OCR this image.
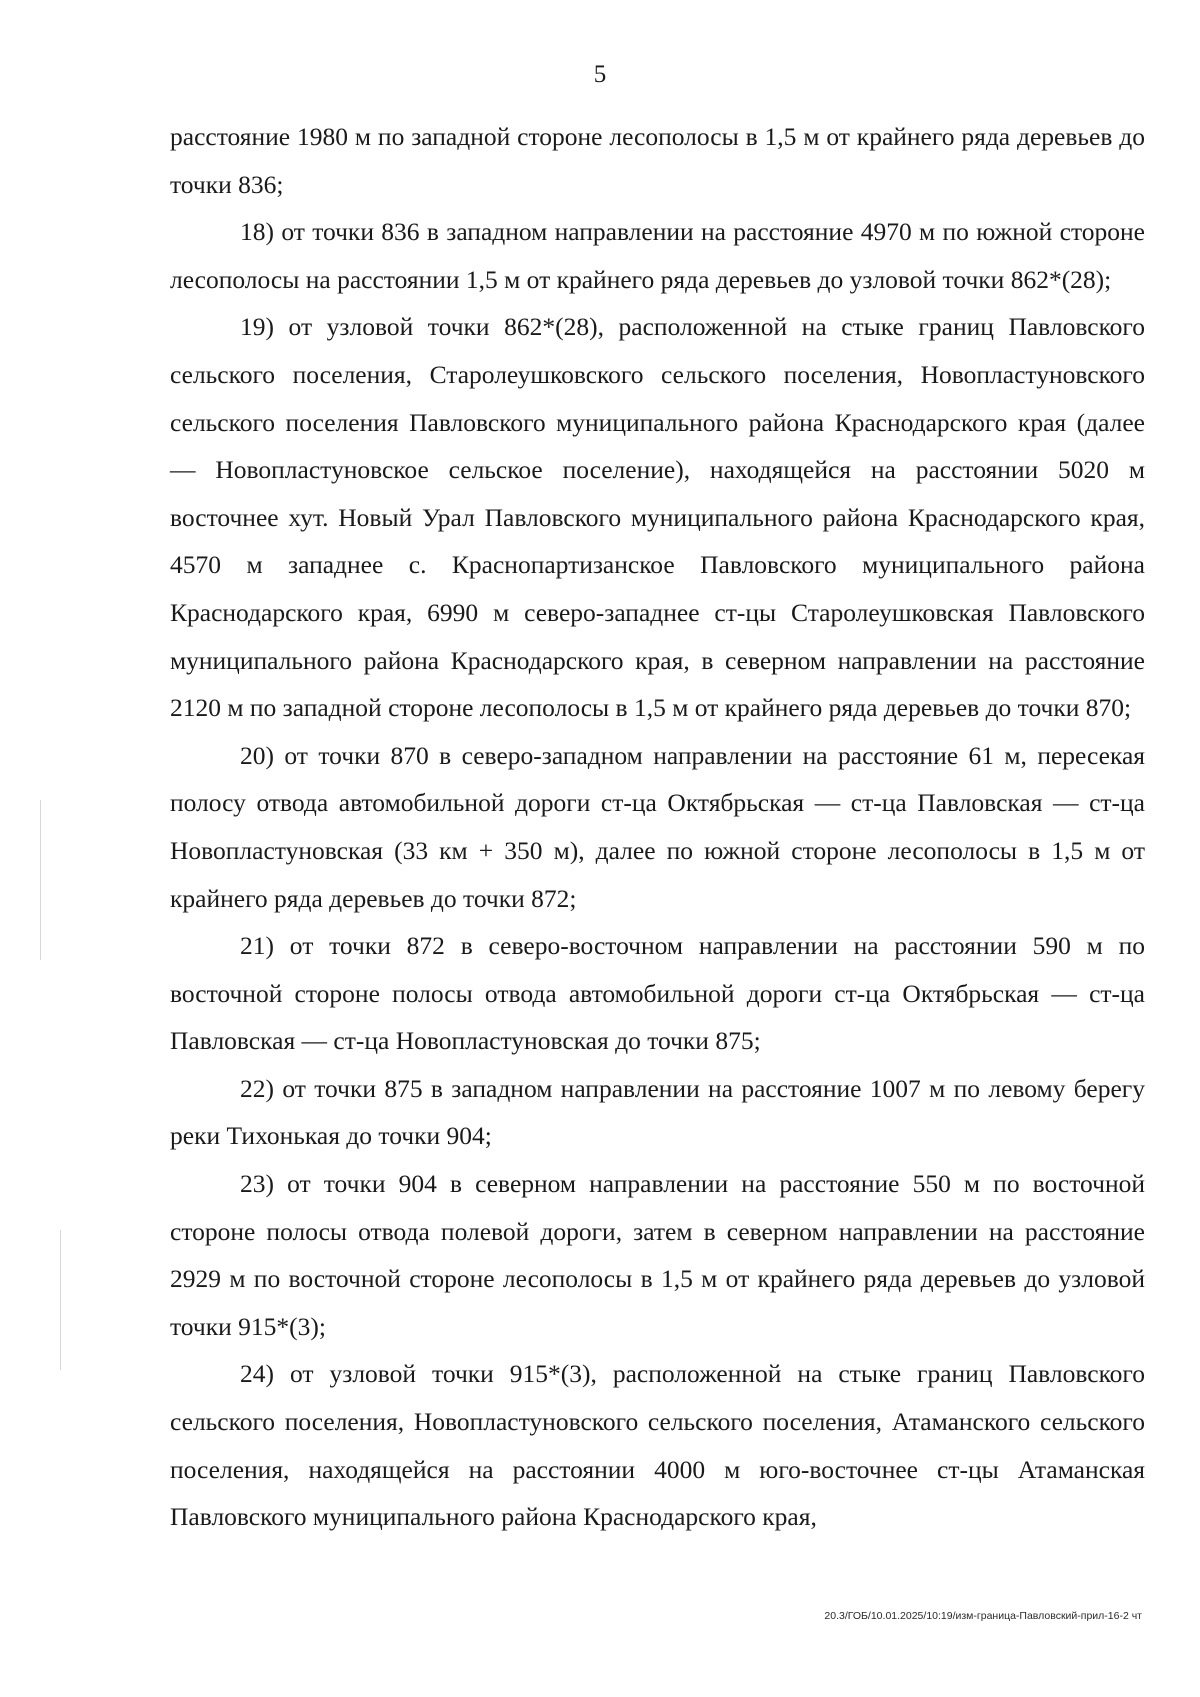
5

расстояние 1980 м по западной стороне лесополосы в 1,5 м от крайнего ряда деревьев до точки 836;

18) от точки 836 в западном направлении на расстояние 4970 м по южной стороне лесополосы на расстоянии 1,5 м от крайнего ряда деревьев до узловой точки 862*(28);

19) от узловой точки 862*(28), расположенной на стыке границ Павловского сельского поселения, Старолеушковского сельского поселения, Новопластуновского сельского поселения Павловского муниципального района Краснодарского края (далее — Новопластуновское сельское поселение), находящейся на расстоянии 5020 м восточнее хут. Новый Урал Павловского муниципального района Краснодарского края, 4570 м западнее с. Краснопартизанское Павловского муниципального района Краснодарского края, 6990 м северо-западнее ст-цы Старолеушковская Павловского муниципального района Краснодарского края, в северном направлении на расстояние 2120 м по западной стороне лесополосы в 1,5 м от крайнего ряда деревьев до точки 870;

20) от точки 870 в северо-западном направлении на расстояние 61 м, пересекая полосу отвода автомобильной дороги ст-ца Октябрьская — ст-ца Павловская — ст-ца Новопластуновская (33 км + 350 м), далее по южной стороне лесополосы в 1,5 м от крайнего ряда деревьев до точки 872;

21) от точки 872 в северо-восточном направлении на расстоянии 590 м по восточной стороне полосы отвода автомобильной дороги ст-ца Октябрьская — ст-ца Павловская — ст-ца Новопластуновская до точки 875;

22) от точки 875 в западном направлении на расстояние 1007 м по левому берегу реки Тихонькая до точки 904;

23) от точки 904 в северном направлении на расстояние 550 м по восточной стороне полосы отвода полевой дороги, затем в северном направлении на расстояние 2929 м по восточной стороне лесополосы в 1,5 м от крайнего ряда деревьев до узловой точки 915*(3);

24) от узловой точки 915*(3), расположенной на стыке границ Павловского сельского поселения, Новопластуновского сельского поселения, Атаманского сельского поселения, находящейся на расстоянии 4000 м юго-восточнее ст-цы Атаманская Павловского муниципального района Краснодарского края,

20.3/ГОБ/10.01.2025/10:19/изм-граница-Павловский-прил-16-2 чт
